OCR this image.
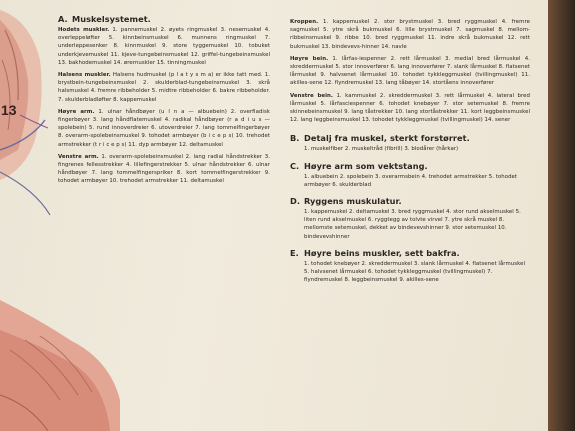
13
A. Muskelsystemet.
Hodets muskler. 1. pannemuskel 2. øyets ringmuskel 3. nesemuskel 4. overleppeløfter 5. kinnbeinsmuskel 6. munnens ringmuskel 7. underleppesenker 8. kinnmuskel 9. store tyggemuskel 10. tobuket underkjevemuskel 11. kjeve-tungebeinsmuskel 12. griffel-tungebeinsmuskel 13. bakhodemuskel 14. ørernuskler 15. tinningmuskel
Halsens muskler. Halsens hudmuskel (p l a t y s m a) er ikke tatt med. 1. brystbein-tungebeinsmuskel 2. skulderblad-tungebeinsmuskel 3. skrå halsmuskel 4. fremre ribbeholder 5. midtre ribbeholder 6. bakre ribbeholder. 7. skulderbladløfter 8. kappemuskel
Høyre arm. 1. ulnar håndbøyer (u l n a — albuebein) 2. overfladisk fingerbøyer 3. lang håndflatemuskel 4. radikal håndbøyer (r a d i u s — spolebein) 5. rund innoverdreier 6. utoverdreier 7. lang tommelfingerbøyer 8. overarm-spolebeinsmuskel 9. tohodet armbøyer (b i c e p s) 10. trehodet armstrekker (t r i c e p s) 11. dyp armbøyer 12. deltamuskel
Venstre arm. 1. overarm-spolebeinsmuskel 2. lang radial håndstrekker 3. fingrenes fellesstrekker 4. lillefingerstrekker 5. ulnar håndstrekker 6. ulnar håndbøyer 7. lang tommelfingerspriker 8. kort tommelfingerstrekker 9. tohodet armbøyer 10. trehodet armstrekker 11. deltamuskel
Kroppen. 1. kappemuskel 2. stor brystmuskel 3. bred ryggmuskel 4. fremre sagmuskel 5. ytre skrå bukmuskel 6. lille brystmuskel 7. sagmuskel 8. mellom-ribbeinsmuskel 9. ribbe 10. bred ryggmuskel 11. indre skrå bukmuskel 12. rett bukmuskel 13. bindevevs-hinner 14. navle
Høyre bein. 1. lårfas-iespenner 2. rett lårmuskel 3. medial bred lårmuskel 4. skreddermuskel 5. stor innoverfører 6. lang innoverfører 7. slank lårmuskel 8. flatsenet lårmuskel 9. halvsenet lårmuskel 10. tohodet tykkleggmuskel (tvillingmuskel) 11. akilles-sene 12. flyndremuskel 13. lang tåbøyer 14. stortåens innoverfører
Venstre bein. 1. kammuskel 2. skreddermuskel 3. rett lårmuskel 4. lateral bred lårmuskel 5. lårfasciespenner 6. tohodet knebøyer 7. stor setemuskel 8. fremre skinnebeinsmuskel 9. lang tåstrekker 10. lang stortåstrekker 11. kort leggbeinsmuskel 12. lang leggbeinsmuskel 13. tohodet tykkleggmuskel (tvillingmuskel) 14. sener
B. Detalj fra muskel, sterkt forstørret.
1. muskelfiber 2. muskeltråd (fibrill) 3. blodårer (hårkar)
C. Høyre arm som vektstang.
1. albuebein 2. spolebein 3. overarmsbein 4. trehodet armstrekker 5. tohodet armbøyer 6. skulderblad
D. Ryggens muskulatur.
1. kappemuskel 2. deltamuskel 3. bred ryggmuskel 4. stor rund akselmuskel 5. liten rund akselmuskel 6. ryggtegg av tolvte virvel 7. ytre skrå muskel 8. mellomste setemuskel, dekket av bindevevshinner 9. stor setemuskel 10. bindevevshinner
E. Høyre beins muskler, sett bakfra.
1. tohodet knebøyer 2. skreddermuskel 3. slank lårmuskel 4. flatsenet lårmuskel 5. halvsenet lårmuskel 6. tohodet tykkleggmuskel (tvillingmuskel) 7. flyndremuskel 8. leggbeinsmuskel 9. akilles-sene
